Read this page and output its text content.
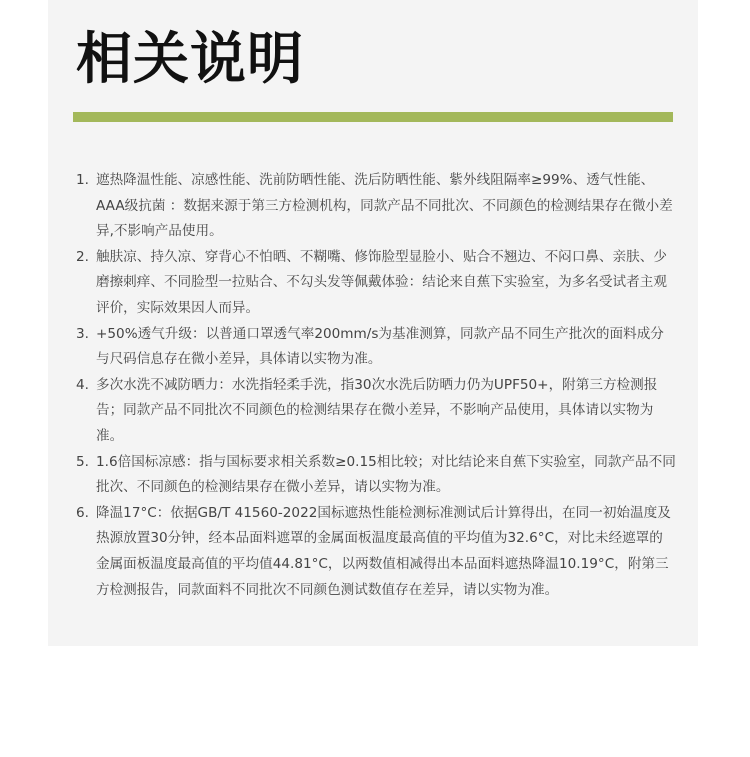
相关说明
1. 遮热降温性能、凉感性能、洗前防晒性能、洗后防晒性能、紫外线阻隔率≥99%、透气性能、AAA级抗菌 ：数据来源于第三方检测机构，同款产品不同批次、不同颜色的检测结果存在微小差异,不影响产品使用。
2. 触肤凉、持久凉、穿背心不怕晒、不糊嘴、修饰脸型显脸小、贴合不翘边、不闷口鼻、亲肤、少磨擦刺痒、不同脸型一拉贴合、不勾头发等佩戴体验：结论来自蕉下实验室，为多名受试者主观评价，实际效果因人而异。
3. +50%透气升级：以普通口罩透气率200mm/s为基准测算，同款产品不同生产批次的面料成分与尺码信息存在微小差异，具体请以实物为准。
4. 多次水洗不减防晒力：水洗指轻柔手洗，指30次水洗后防晒力仍为UPF50+，附第三方检测报告；同款产品不同批次不同颜色的检测结果存在微小差异，不影响产品使用，具体请以实物为准。
5. 1.6倍国标凉感：指与国标要求相关系数≥0.15相比较；对比结论来自蕉下实验室，同款产品不同批次、不同颜色的检测结果存在微小差异，请以实物为准。
6. 降温17°C：依据GB/T 41560-2022国标遮热性能检测标准测试后计算得出，在同一初始温度及热源放置30分钟，经本品面料遮罩的金属面板温度最高值的平均值为32.6°C，对比未经遮罩的金属面板温度最高值的平均值44.81°C，以两数值相减得出本品面料遮热降温10.19°C，附第三方检测报告，同款面料不同批次不同颜色测试数值存在差异，请以实物为准。
